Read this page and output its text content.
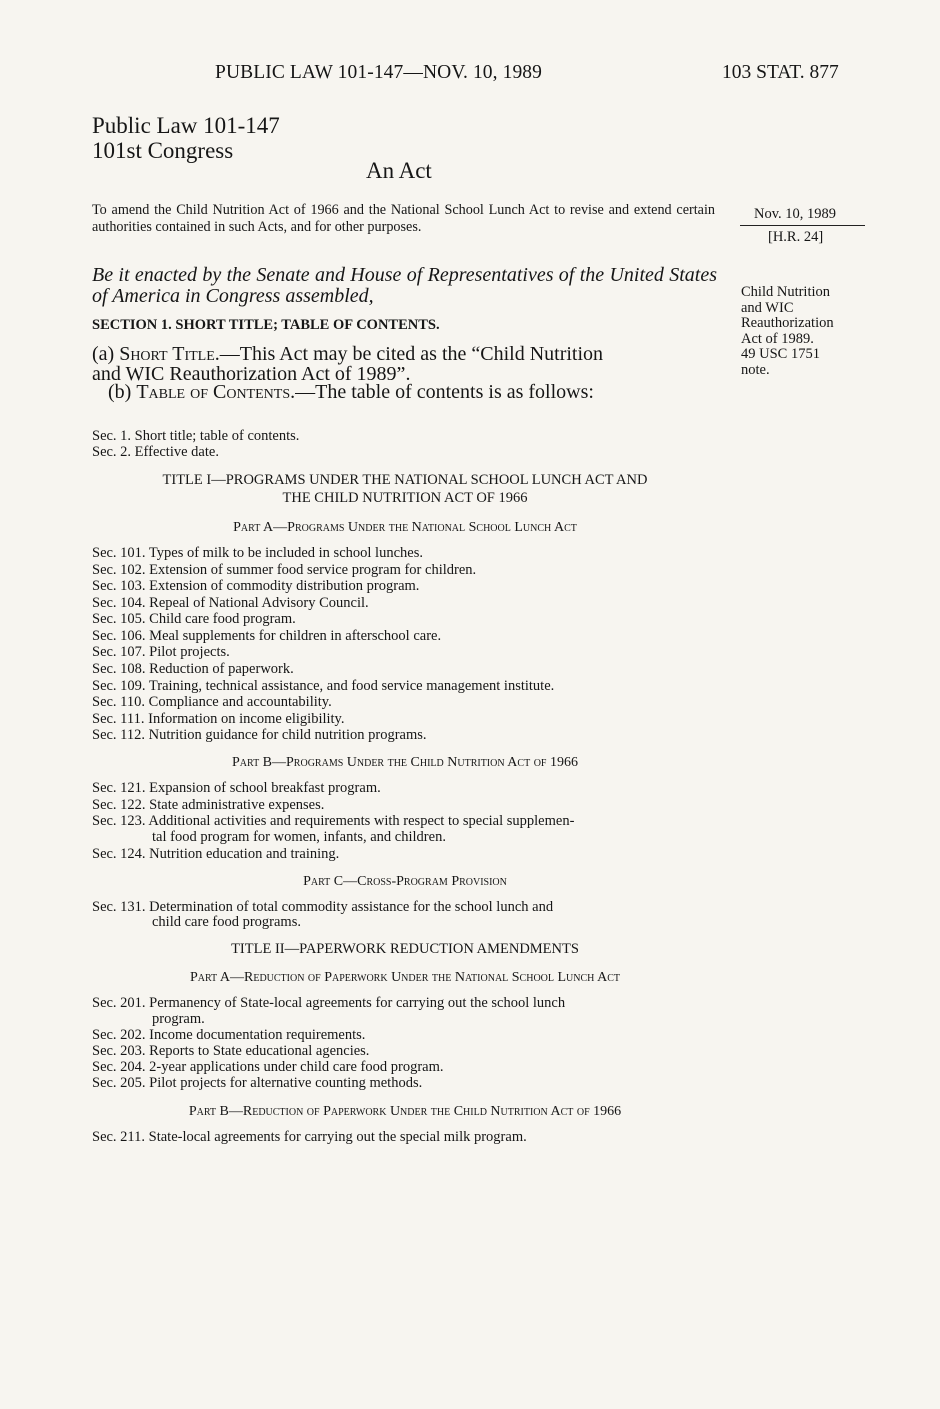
PUBLIC LAW 101-147—NOV. 10, 1989	103 STAT. 877
Public Law 101-147
101st Congress
An Act
To amend the Child Nutrition Act of 1966 and the National School Lunch Act to revise and extend certain authorities contained in such Acts, and for other purposes.
Nov. 10, 1989
[H.R. 24]
Be it enacted by the Senate and House of Representatives of the United States of America in Congress assembled,	Child Nutrition
and WIC
Reauthorization
Act of 1989.
49 USC 1751
note.
SECTION 1. SHORT TITLE; TABLE OF CONTENTS.
(a) Short Title.—This Act may be cited as the “Child Nutrition
and WIC Reauthorization Act of 1989”.
(b) Table of Contents.—The table of contents is as follows:
Sec. 1. Short title; table of contents.
Sec. 2. Effective date.
TITLE I—PROGRAMS UNDER THE NATIONAL SCHOOL LUNCH ACT AND
THE CHILD NUTRITION ACT OF 1966
Part A—Programs Under the National School Lunch Act
Sec. 101. Types of milk to be included in school lunches.
Sec. 102. Extension of summer food service program for children.
Sec. 103. Extension of commodity distribution program.
Sec. 104. Repeal of National Advisory Council.
Sec. 105. Child care food program.
Sec. 106. Meal supplements for children in afterschool care.
Sec. 107. Pilot projects.
Sec. 108. Reduction of paperwork.
Sec. 109. Training, technical assistance, and food service management institute.
Sec. 110. Compliance and accountability.
Sec. 111. Information on income eligibility.
Sec. 112. Nutrition guidance for child nutrition programs.
Part B—Programs Under the Child Nutrition Act of 1966
Sec. 121. Expansion of school breakfast program.
Sec. 122. State administrative expenses.
Sec. 123. Additional activities and requirements with respect to special supplemen-
tal food program for women, infants, and children.
Sec. 124. Nutrition education and training.
Part C—Cross-Program Provision
Sec. 131. Determination of total commodity assistance for the school lunch and
child care food programs.
TITLE II—PAPERWORK REDUCTION AMENDMENTS
Part A—Reduction of Paperwork Under the National School Lunch Act
Sec. 201. Permanency of State-local agreements for carrying out the school lunch
program.
Sec. 202. Income documentation requirements.
Sec. 203. Reports to State educational agencies.
Sec. 204. 2-year applications under child care food program.
Sec. 205. Pilot projects for alternative counting methods.
Part B—Reduction of Paperwork Under the Child Nutrition Act of 1966
Sec. 211. State-local agreements for carrying out the special milk program.
